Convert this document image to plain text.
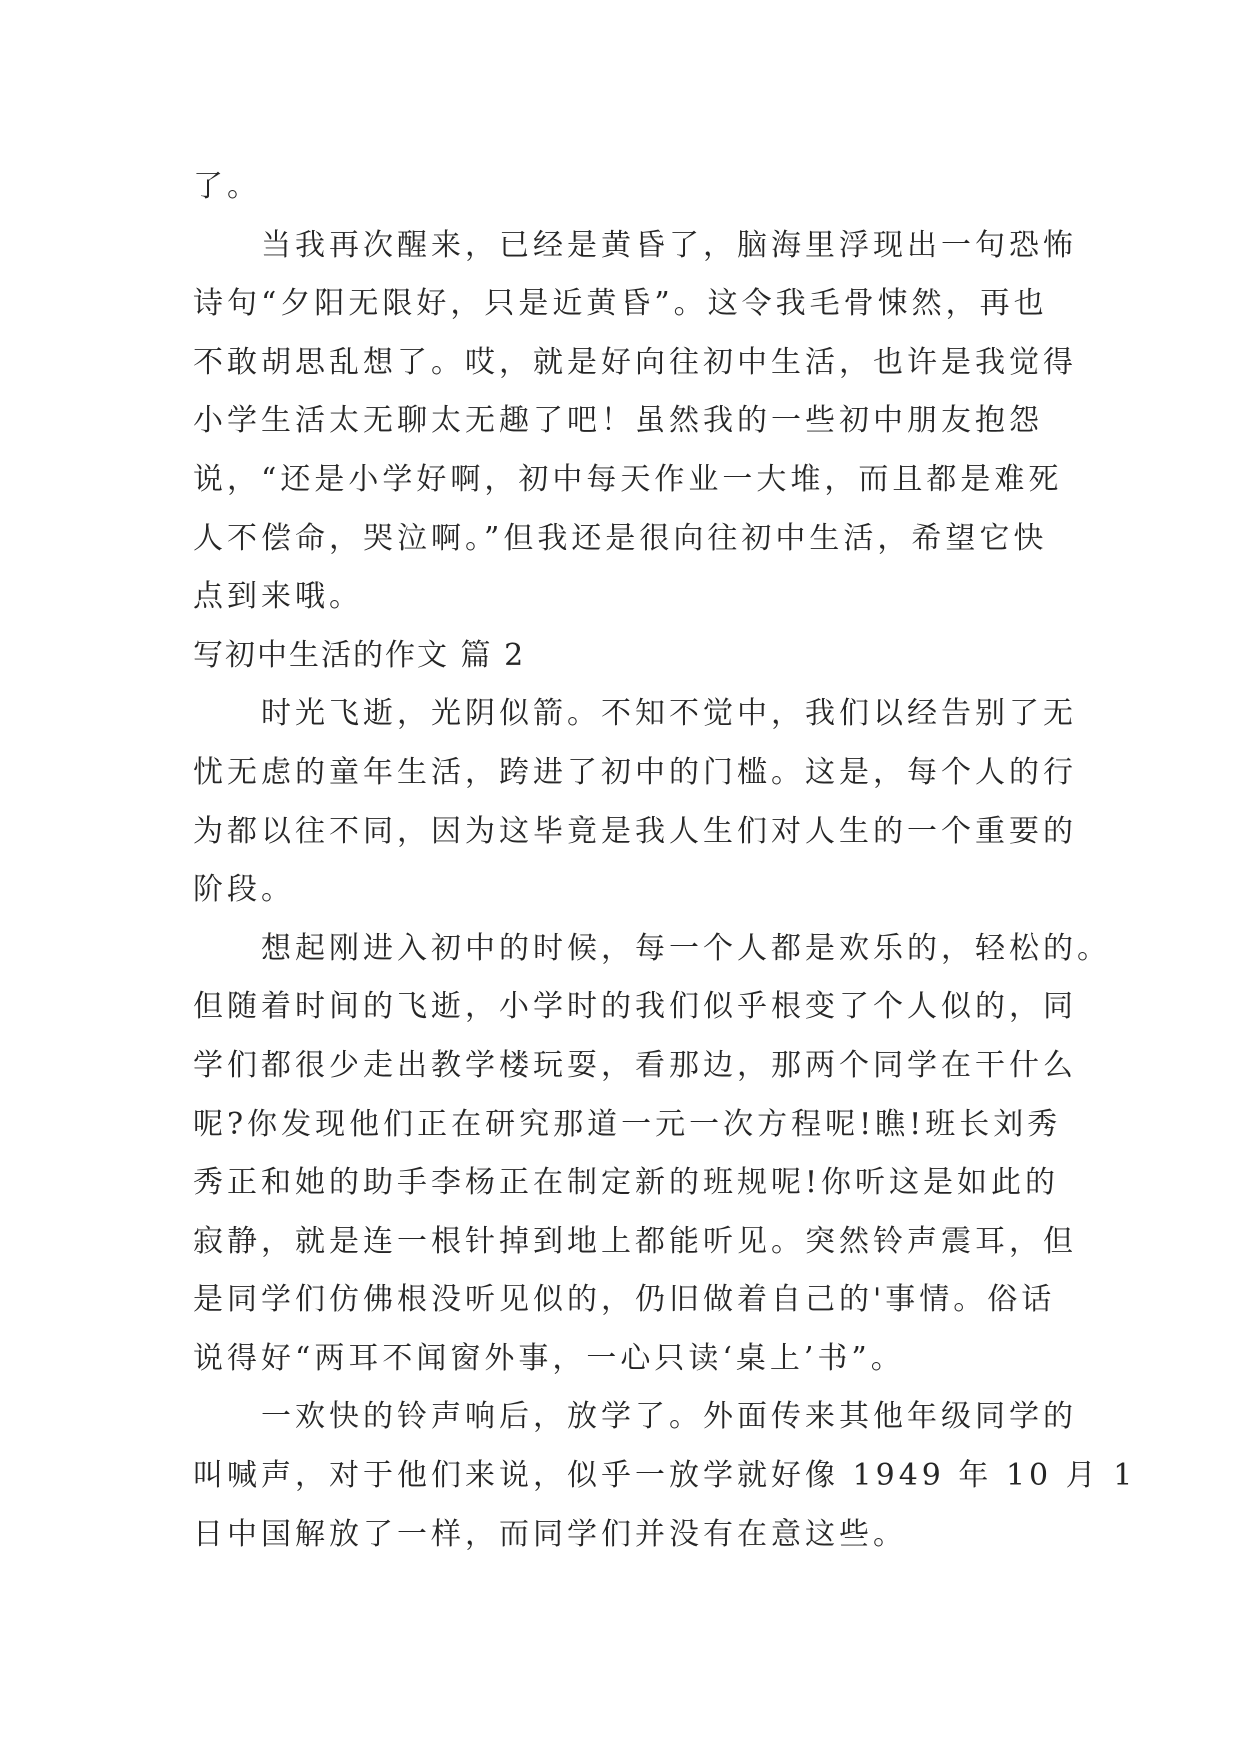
了。

当我再次醒来，已经是黄昏了，脑海里浮现出一句恐怖

诗句“夕阳无限好，只是近黄昏”。这令我毛骨悚然，再也

不敢胡思乱想了。哎，就是好向往初中生活，也许是我觉得

小学生活太无聊太无趣了吧！虽然我的一些初中朋友抱怨

说，“还是小学好啊，初中每天作业一大堆，而且都是难死

人不偿命，哭泣啊。”但我还是很向往初中生活，希望它快

点到来哦。

写初中生活的作文 篇 2

时光飞逝，光阴似箭。不知不觉中，我们以经告别了无

忧无虑的童年生活，跨进了初中的门槛。这是，每个人的行

为都以往不同，因为这毕竟是我人生们对人生的一个重要的

阶段。

想起刚进入初中的时候，每一个人都是欢乐的，轻松的。

但随着时间的飞逝，小学时的我们似乎根变了个人似的，同

学们都很少走出教学楼玩耍，看那边，那两个同学在干什么

呢?你发现他们正在研究那道一元一次方程呢!瞧!班长刘秀

秀正和她的助手李杨正在制定新的班规呢!你听这是如此的

寂静，就是连一根针掉到地上都能听见。突然铃声震耳，但

是同学们仿佛根没听见似的，仍旧做着自己的'事情。俗话

说得好“两耳不闻窗外事，一心只读‘桌上’书”。

一欢快的铃声响后，放学了。外面传来其他年级同学的

叫喊声，对于他们来说，似乎一放学就好像 1949 年 10 月 1

日中国解放了一样，而同学们并没有在意这些。
